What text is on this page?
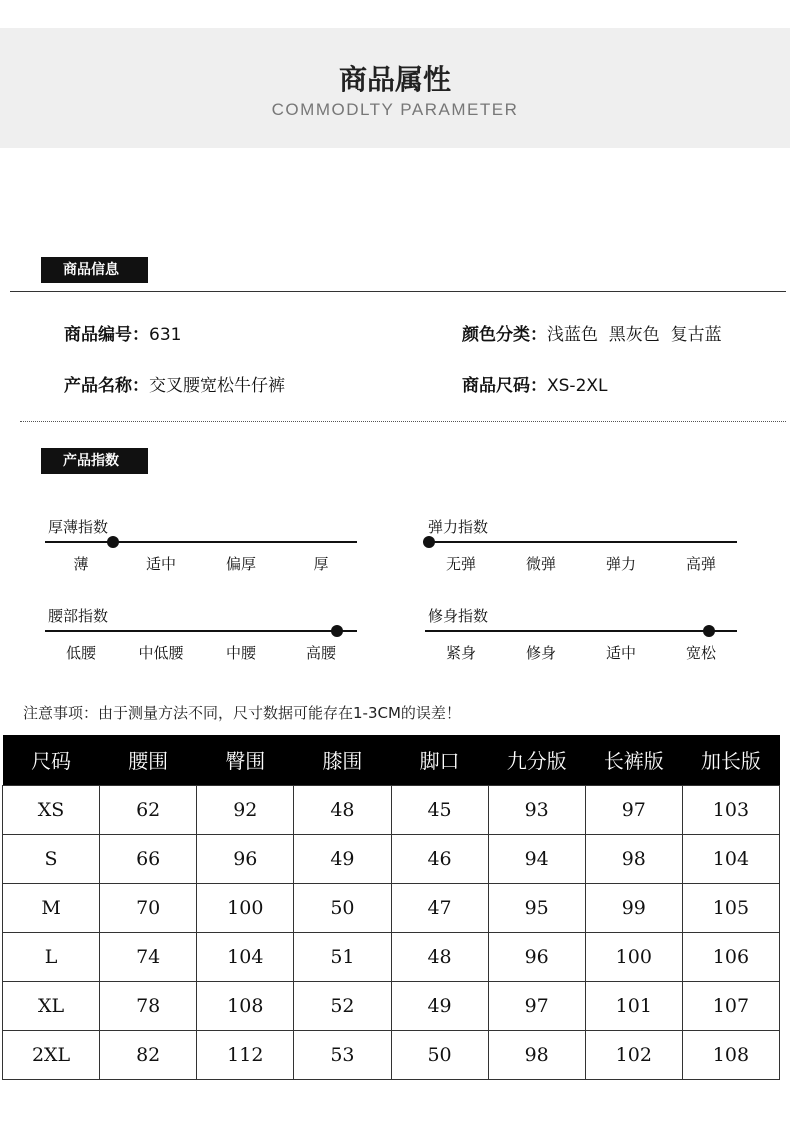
商品属性
COMMODLTY PARAMETER
商品信息
商品编号：631	颜色分类：浅蓝色  黑灰色  复古蓝
产品名称：交叉腰宽松牛仔裤	商品尺码：XS-2XL
产品指数
厚薄指数
薄	适中	偏厚	厚
弹力指数
无弹	微弹	弹力	高弹
腰部指数
低腰	中低腰	中腰	高腰
修身指数
紧身	修身	适中	宽松
注意事项：由于测量方法不同，尺寸数据可能存在1-3CM的误差！
尺码	腰围	臀围	膝围	脚口	九分版	长裤版	加长版
XS	62	92	48	45	93	97	103
S	66	96	49	46	94	98	104
M	70	100	50	47	95	99	105
L	74	104	51	48	96	100	106
XL	78	108	52	49	97	101	107
2XL	82	112	53	50	98	102	108
